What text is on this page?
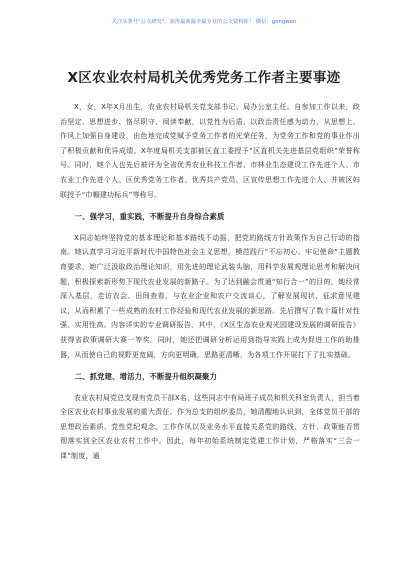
关注头条号"公文研究"，获得最新最全最专业的公文资料库！ 微信：gongwen
X区农业农村局机关优秀党务工作者主要事迹

X，女，X年X月出生，农业农村局机关党支部书记、局办公室主任。自参加工作以来，政治坚定、思想进步、恪尽职守、阅读奉献，以党性为后盾，以政治责任感为动力，从思想上、作风上加强自身建设，由色地完成党赋予党务工作者的光荣任务，为党务工作和党的事业作出了积极贡献和优异成绩。X年度局机关支部被区直工委授予“区直机关先进基层党组织”荣誉称号。同时，她个人也先后被评为全省优秀农业科技工作者、市林业生态建设工作先进个人、市农业工作先进个人、区优秀党务工作者、优秀共产党员、区宣传思想工作先进个人、并被区妇联授予“巾帼建功标兵”等称号。

一、强学习，重实践，不断提升自身综合素质

X同志始终坚持党的基本理论和基本路线不动摇，把党的路线方针政策作为自己行动的指南。她认真学习习近平新时代中国特色社会主义思想，模范践行“不忘初心、牢记使命”主题教育要求，她广泛汲取政治理论知识，用先进的理论武装头脑，用科学发展观理论思考和解决问题，积极探索新形势下现代农业发展的新路子。为了达到融会贯通“知行合一”的目的，她经常深入基层，走访农会、田间查看，与农业企业和农户交流谈心，了解发展现状，征求意见建议，从而积累了一些成熟的农村工作经验和现代农业发展的新思路。先后撰写了数十篇针对性强、实用性高、内容详实的专业调研报告，其中，《X区生态农业观光园建设发展的调研报告》获得省政策调研大赛一等奖。同时，她还把调研分析运用到指导实践上成为促进工作的助推器，从而使自己的视野更宽阔，方向更明确，思路更清晰，为各项工作开展打下了扎实基础。

二、抓党建、增活力，不断提升组织凝聚力

农业农村局党总支现有党员干部X名，这些同志中有局班子成员和机关科室负责人，担当着全区农业农村事业发展的重大责任。作为总支的组织委员，她清醒地认识到，全体党员干部的思想政治素质、党性党纪观念、工作作风以及业务水平直接关系党的路线、方针、政策能否贯彻落实到全区农业农村工作中。因此，每年初始系统制定党建工作计划，严格落实“三会一课”制度，通
